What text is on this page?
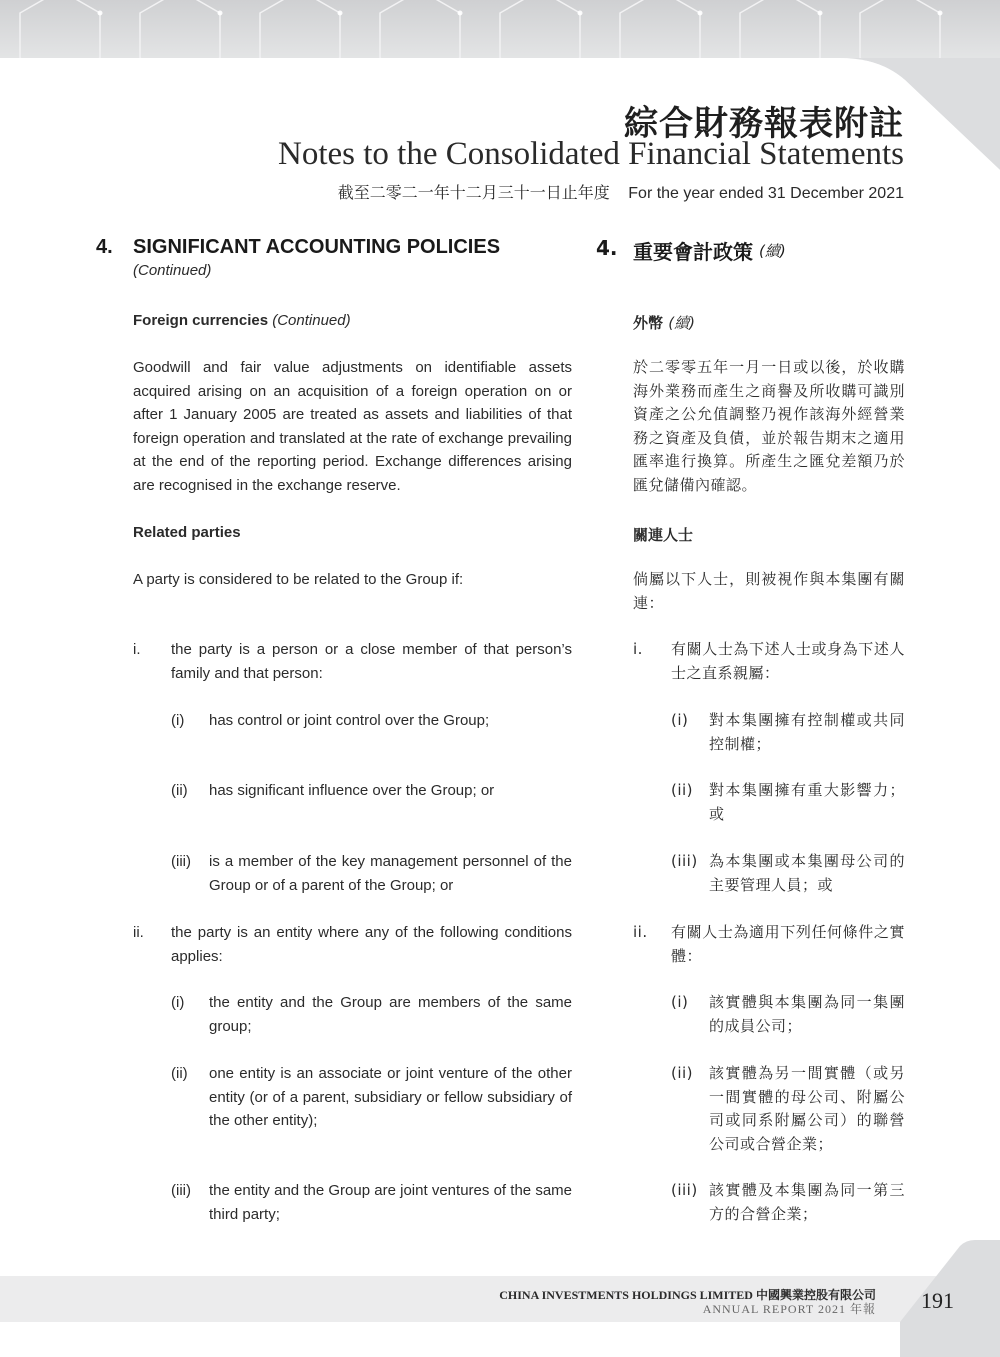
綜合財務報表附註
Notes to the Consolidated Financial Statements
截至二零二一年十二月三十一日止年度 For the year ended 31 December 2021
4.	SIGNIFICANT ACCOUNTING POLICIES
(Continued)
Foreign currencies (Continued)
Goodwill and fair value adjustments on identifiable assets acquired arising on an acquisition of a foreign operation on or after 1 January 2005 are treated as assets and liabilities of that foreign operation and translated at the rate of exchange prevailing at the end of the reporting period. Exchange differences arising are recognised in the exchange reserve.
Related parties
A party is considered to be related to the Group if:
i.	the party is a person or a close member of that person’s family and that person:
(i)	has control or joint control over the Group;
(ii)	has significant influence over the Group; or
(iii)	is a member of the key management personnel of the Group or of a parent of the Group; or
ii.	the party is an entity where any of the following conditions applies:
(i)	the entity and the Group are members of the same group;
(ii)	one entity is an associate or joint venture of the other entity (or of a parent, subsidiary or fellow subsidiary of the other entity);
(iii)	the entity and the Group are joint ventures of the same third party;
4. 重要會計政策 (續)
外幣 (續)
於二零零五年一月一日或以後，於收購海外業務而產生之商譽及所收購可識別資產之公允值調整乃視作該海外經營業務之資產及負債，並於報告期末之適用匯率進行換算。所產生之匯兌差額乃於匯兌儲備內確認。
關連人士
倘屬以下人士，則被視作與本集團有關連：
i.	有關人士為下述人士或身為下述人士之直系親屬：
(i)	對本集團擁有控制權或共同控制權；
(ii)	對本集團擁有重大影響力；或
(iii) 為本集團或本集團母公司的主要管理人員；或
ii.	有關人士為適用下列任何條件之實體：
(i)	該實體與本集團為同一集團的成員公司；
(ii)	該實體為另一間實體（或另一間實體的母公司、附屬公司或同系附屬公司）的聯營公司或合營企業；
(iii) 該實體及本集團為同一第三方的合營企業；
CHINA INVESTMENTS HOLDINGS LIMITED 中國興業控股有限公司
ANNUAL REPORT 2021 年報 191
